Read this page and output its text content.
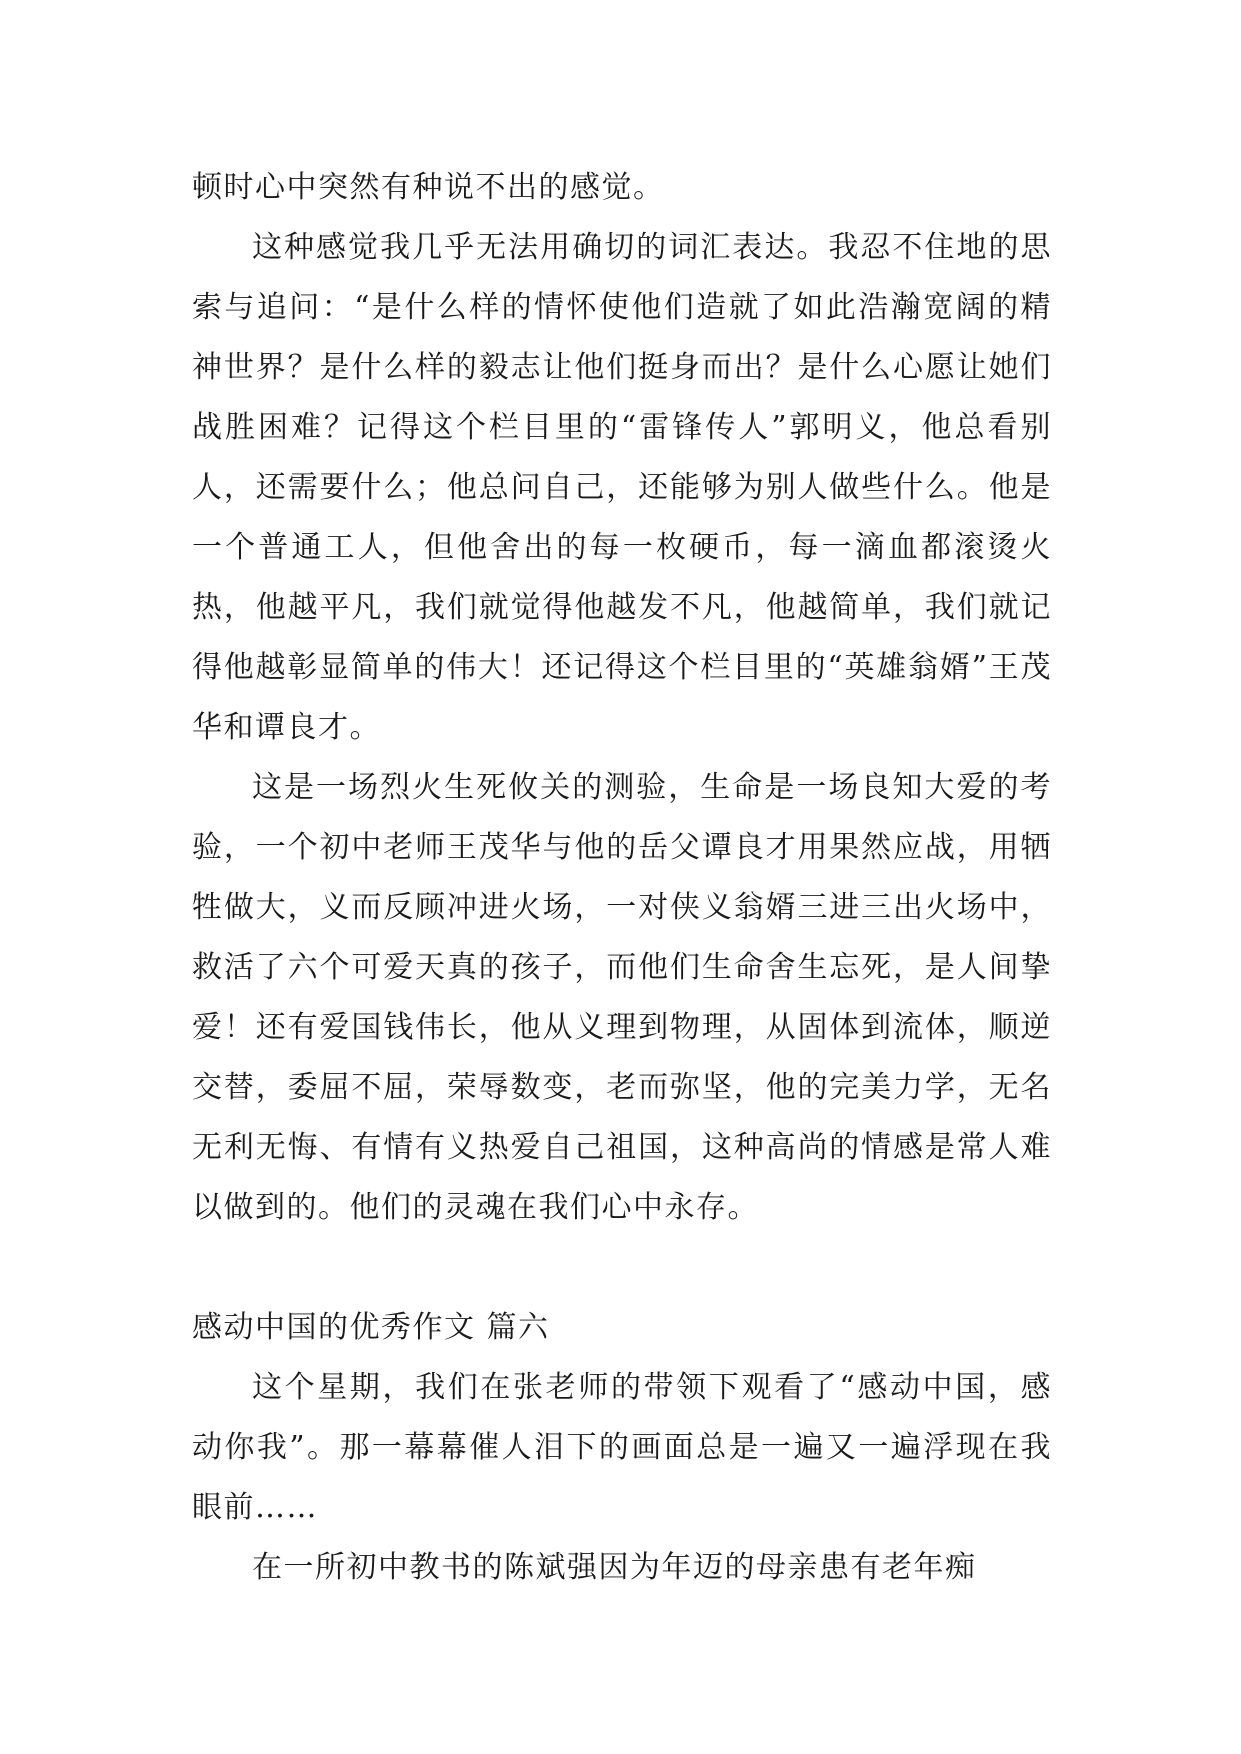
顿时心中突然有种说不出的感觉。

这种感觉我几乎无法用确切的词汇表达。我忍不住地的思索与追问：“是什么样的情怀使他们造就了如此浩瀚宽阔的精神世界？是什么样的毅志让他们挺身而出？是什么心愿让她们战胜困难？记得这个栏目里的“雷锋传人”郭明义，他总看别人，还需要什么；他总问自己，还能够为别人做些什么。他是一个普通工人，但他舍出的每一枚硬币，每一滴血都滚烫火热，他越平凡，我们就觉得他越发不凡，他越简单，我们就记得他越彰显简单的伟大！还记得这个栏目里的“英雄翁婿”王茂华和谭良才。

这是一场烈火生死攸关的测验，生命是一场良知大爱的考验，一个初中老师王茂华与他的岳父谭良才用果然应战，用牺牲做大，义而反顾冲进火场，一对侠义翁婿三进三出火场中，救活了六个可爱天真的孩子，而他们生命舍生忘死，是人间挚爱！还有爱国钱伟长，他从义理到物理，从固体到流体，顺逆交替，委屈不屈，荣辱数变，老而弥坚，他的完美力学，无名无利无悔、有情有义热爱自己祖国，这种高尚的情感是常人难以做到的。他们的灵魂在我们心中永存。

感动中国的优秀作文 篇六

这个星期，我们在张老师的带领下观看了“感动中国，感动你我”。那一幕幕催人泪下的画面总是一遍又一遍浮现在我眼前……

在一所初中教书的陈斌强因为年迈的母亲患有老年痴
